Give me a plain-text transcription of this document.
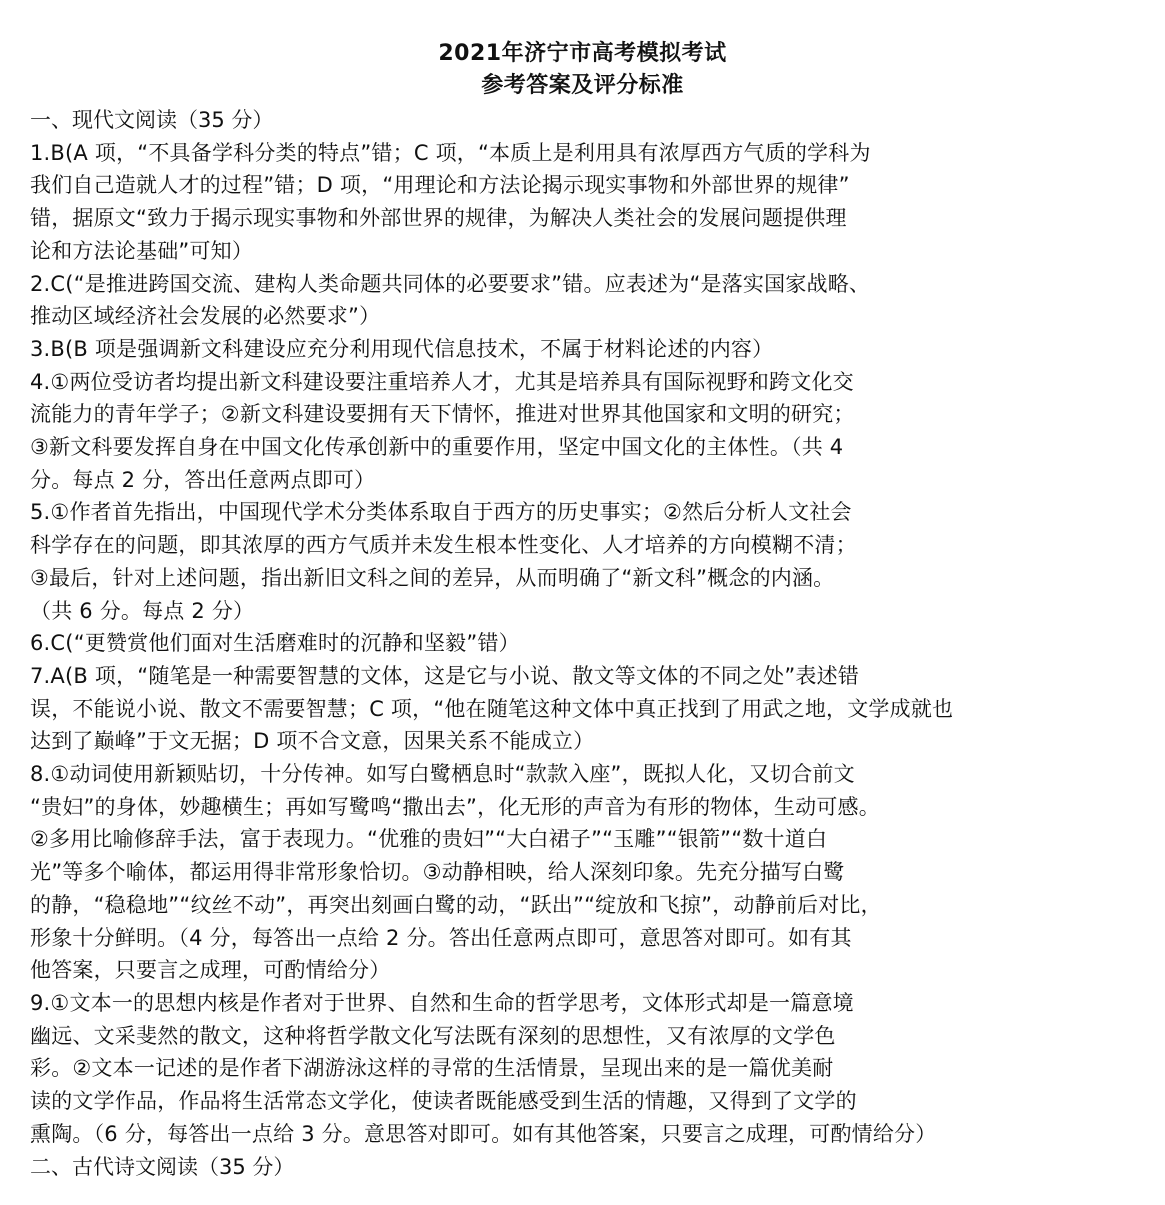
2021年济宁市高考模拟考试
参考答案及评分标准
一、现代文阅读（35 分）
1.B(A 项，“不具备学科分类的特点”错；C 项，“本质上是利用具有浓厚西方气质的学科为
我们自己造就人才的过程”错；D 项，“用理论和方法论揭示现实事物和外部世界的规律”
错，据原文“致力于揭示现实事物和外部世界的规律，为解决人类社会的发展问题提供理
论和方法论基础”可知）
2.C(“是推进跨国交流、建构人类命题共同体的必要要求”错。应表述为“是落实国家战略、
推动区域经济社会发展的必然要求”）
3.B(B 项是强调新文科建设应充分利用现代信息技术，不属于材料论述的内容）
4.①两位受访者均提出新文科建设要注重培养人才，尤其是培养具有国际视野和跨文化交
流能力的青年学子；②新文科建设要拥有天下情怀，推进对世界其他国家和文明的研究；
③新文科要发挥自身在中国文化传承创新中的重要作用，坚定中国文化的主体性。（共 4
分。每点 2 分，答出任意两点即可）
5.①作者首先指出，中国现代学术分类体系取自于西方的历史事实；②然后分析人文社会
科学存在的问题，即其浓厚的西方气质并未发生根本性变化、人才培养的方向模糊不清；
③最后，针对上述问题，指出新旧文科之间的差异，从而明确了“新文科”概念的内涵。
（共 6 分。每点 2 分）
6.C(“更赞赏他们面对生活磨难时的沉静和坚毅”错）
7.A(B 项，“随笔是一种需要智慧的文体，这是它与小说、散文等文体的不同之处”表述错
误，不能说小说、散文不需要智慧；C 项，“他在随笔这种文体中真正找到了用武之地，文学成就也
达到了巅峰”于文无据；D 项不合文意，因果关系不能成立）
8.①动词使用新颖贴切，十分传神。如写白鹭栖息时“款款入座”，既拟人化，又切合前文
“贵妇”的身体，妙趣横生；再如写鹭鸣“撒出去”，化无形的声音为有形的物体，生动可感。
②多用比喻修辞手法，富于表现力。“优雅的贵妇”“大白裙子”“玉雕”“银箭”“数十道白
光”等多个喻体，都运用得非常形象恰切。③动静相映，给人深刻印象。先充分描写白鹭
的静，“稳稳地”“纹丝不动”，再突出刻画白鹭的动，“跃出”“绽放和飞掠”，动静前后对比，
形象十分鲜明。（4 分，每答出一点给 2 分。答出任意两点即可，意思答对即可。如有其
他答案，只要言之成理，可酌情给分）
9.①文本一的思想内核是作者对于世界、自然和生命的哲学思考，文体形式却是一篇意境
幽远、文采斐然的散文，这种将哲学散文化写法既有深刻的思想性，又有浓厚的文学色
彩。②文本一记述的是作者下湖游泳这样的寻常的生活情景，呈现出来的是一篇优美耐
读的文学作品，作品将生活常态文学化，使读者既能感受到生活的情趣，又得到了文学的
熏陶。（6 分，每答出一点给 3 分。意思答对即可。如有其他答案，只要言之成理，可酌情给分）
二、古代诗文阅读（35 分）
